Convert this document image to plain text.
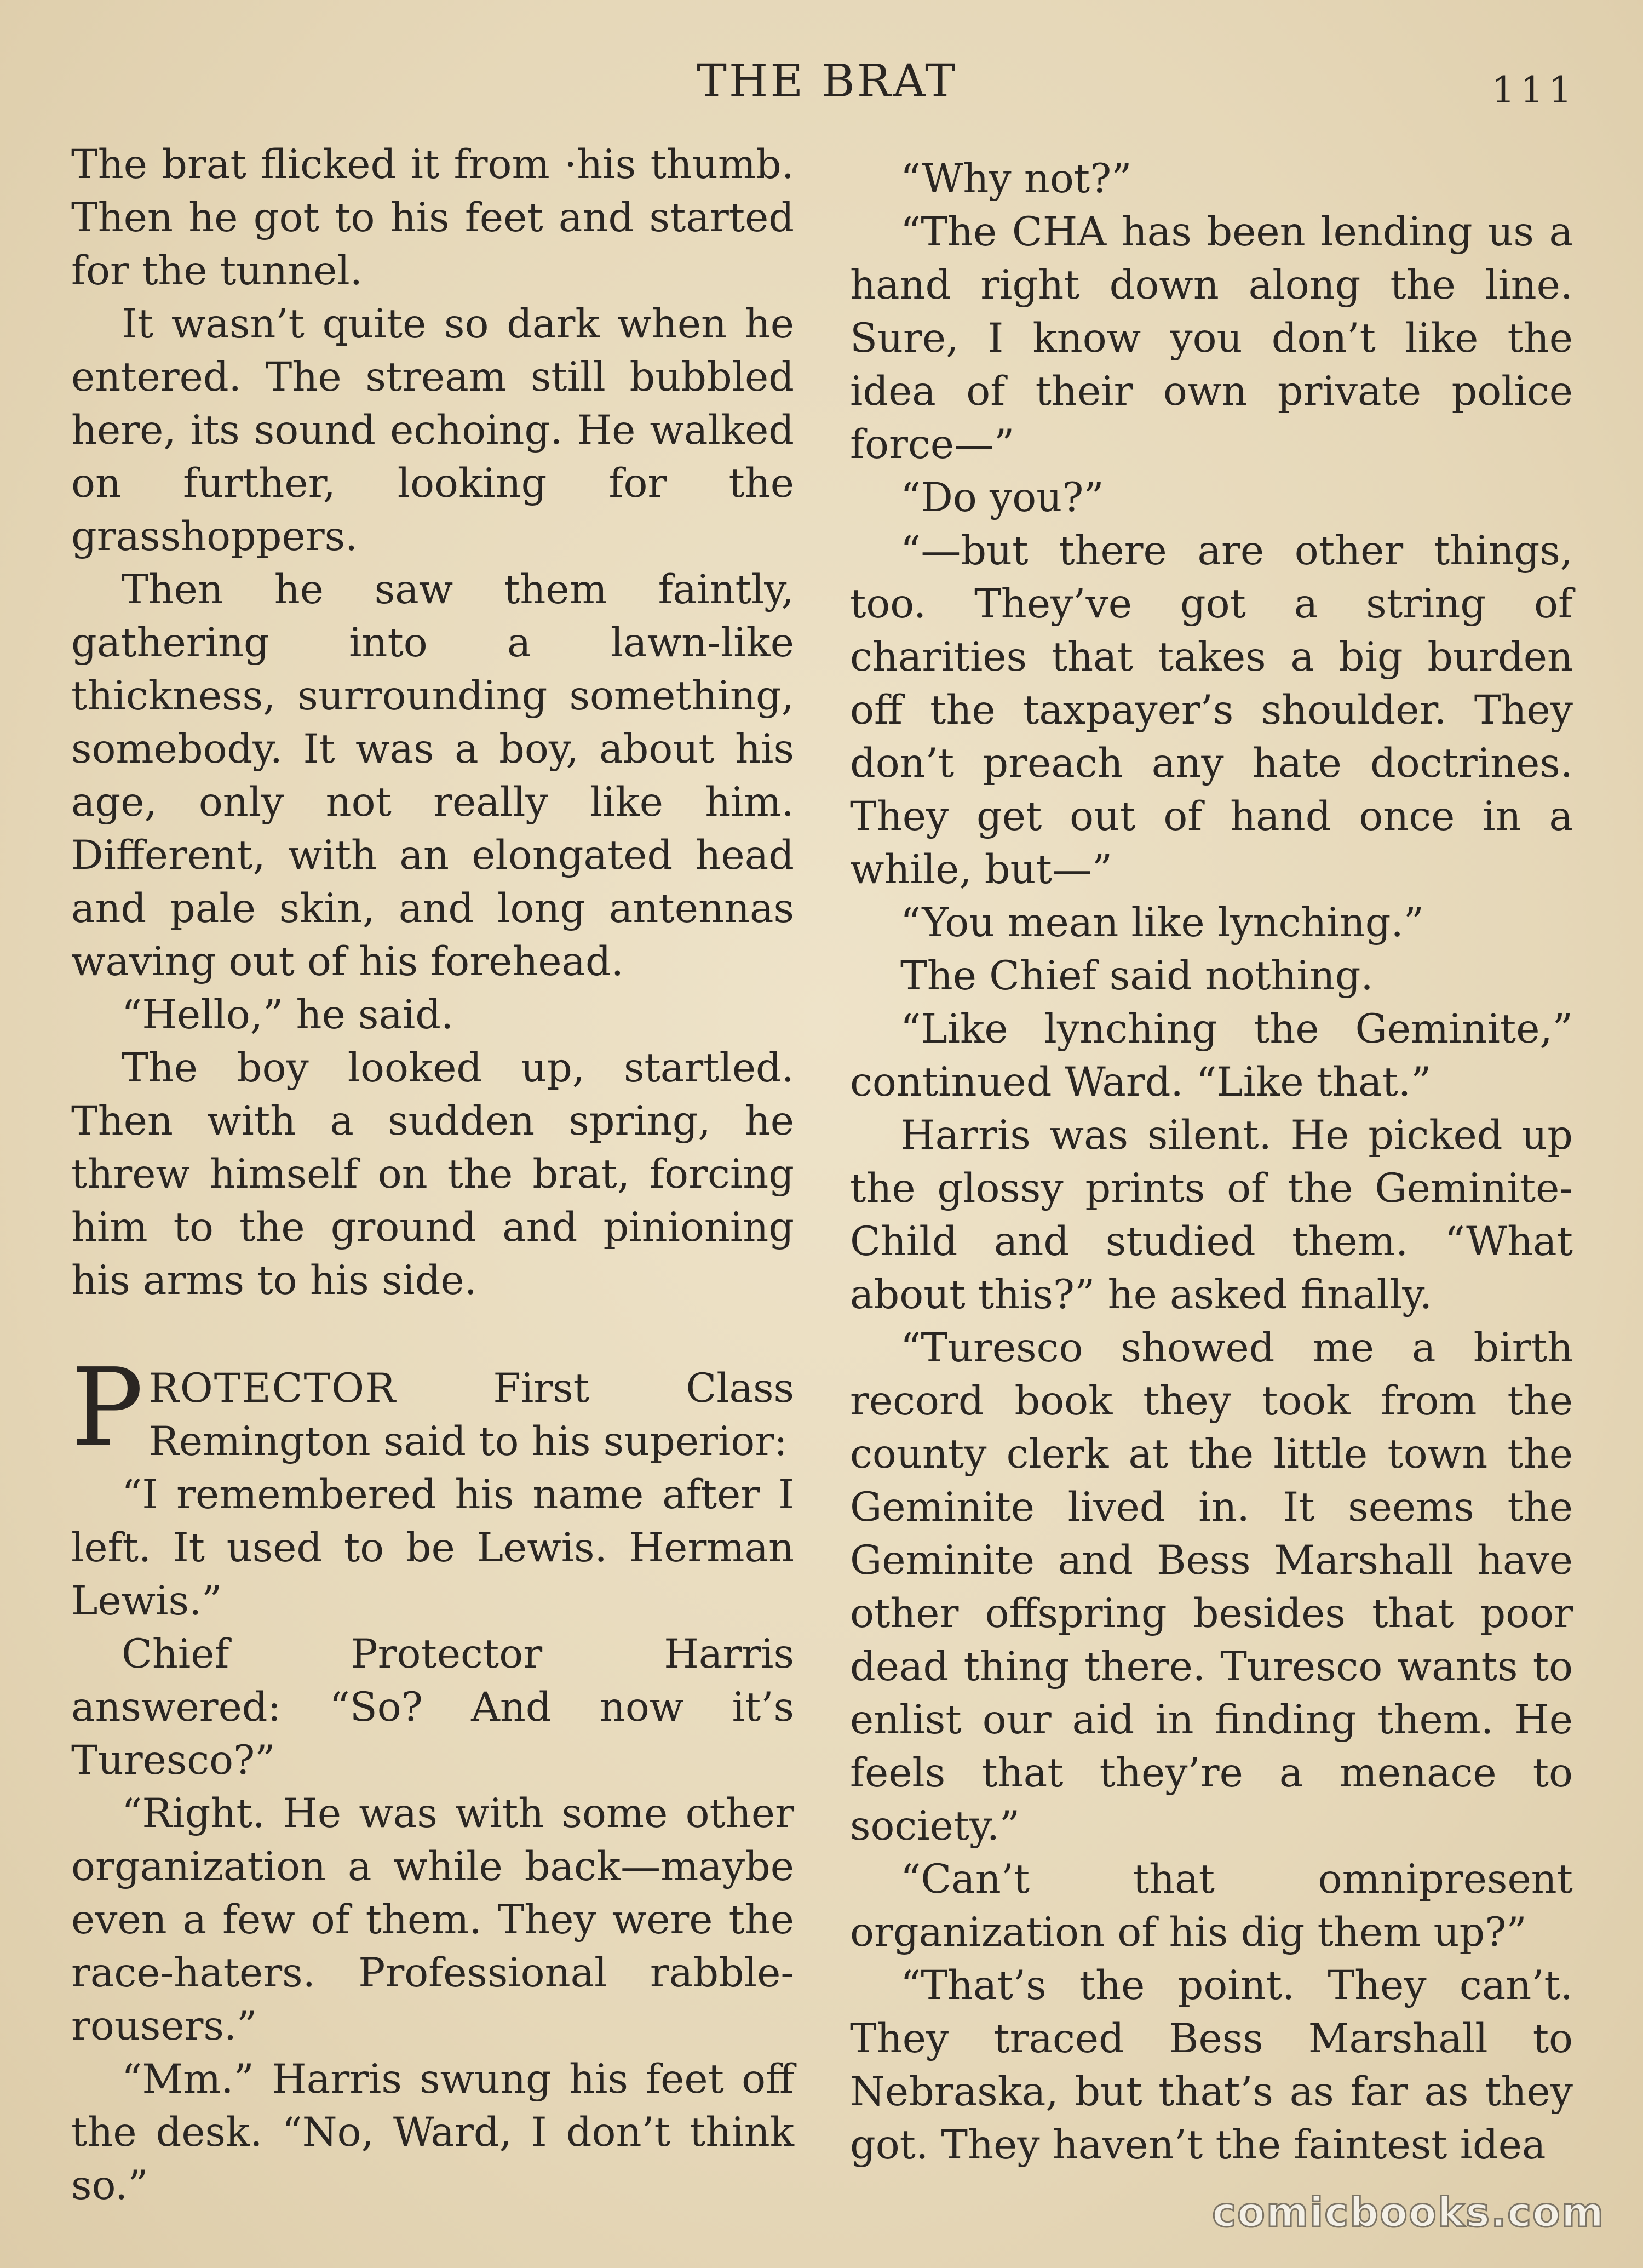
THE BRAT	111

The brat flicked it from ·his thumb. Then he got to his feet and started for the tunnel.

It wasn’t quite so dark when he entered. The stream still bubbled here, its sound echoing. He walked on further, looking for the grasshoppers.

Then he saw them faintly, gathering into a lawn-like thickness, surrounding something, somebody. It was a boy, about his age, only not really like him. Different, with an elongated head and pale skin, and long antennas waving out of his forehead.

“Hello,” he said.

The boy looked up, startled. Then with a sudden spring, he threw himself on the brat, forcing him to the ground and pinioning his arms to his side.

PROTECTOR First Class Remington said to his superior:

“I remembered his name after I left. It used to be Lewis. Herman Lewis.”

Chief Protector Harris answered: “So? And now it’s Turesco?”

“Right. He was with some other organization a while back—maybe even a few of them. They were the race-haters. Professional rabble-rousers.”

“Mm.” Harris swung his feet off the desk. “No, Ward, I don’t think so.”

“Why not?”

“The CHA has been lending us a hand right down along the line. Sure, I know you don’t like the idea of their own private police force—”

“Do you?”

“—but there are other things, too. They’ve got a string of charities that takes a big burden off the taxpayer’s shoulder. They don’t preach any hate doctrines. They get out of hand once in a while, but—”

“You mean like lynching.”

The Chief said nothing.

“Like lynching the Geminite,” continued Ward. “Like that.”

Harris was silent. He picked up the glossy prints of the Geminite-Child and studied them. “What about this?” he asked finally.

“Turesco showed me a birth record book they took from the county clerk at the little town the Geminite lived in. It seems the Geminite and Bess Marshall have other offspring besides that poor dead thing there. Turesco wants to enlist our aid in finding them. He feels that they’re a menace to society.”

“Can’t that omnipresent organization of his dig them up?”

“That’s the point. They can’t. They traced Bess Marshall to Nebraska, but that’s as far as they got. They haven’t the faintest idea

comicbooks.com
